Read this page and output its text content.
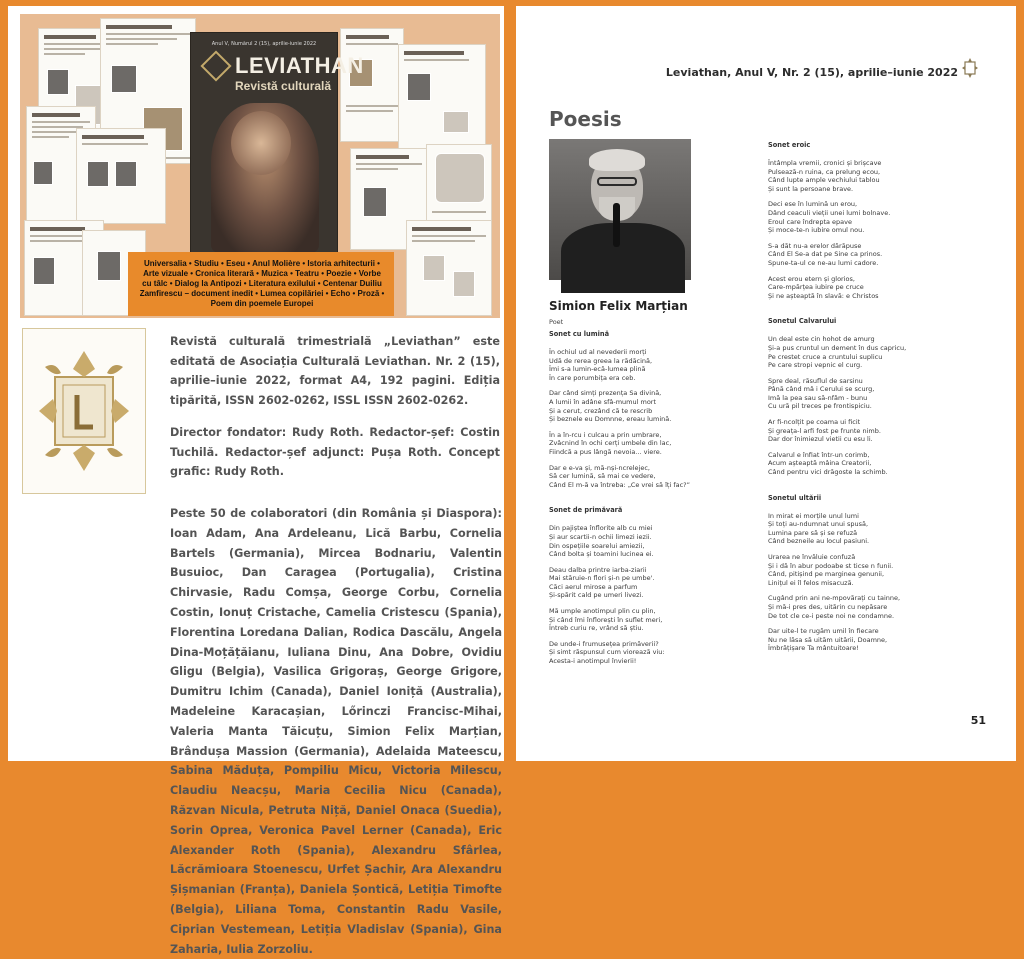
Anul V, Numărul 2 (15), aprilie-iunie 2022
LEVIATHAN
Revistă culturală
Universalia • Studiu • Eseu • Anul Molière • Istoria arhitecturii • Arte vizuale • Cronica literară • Muzica • Teatru • Poezie • Vorbe cu tâlc • Dialog la Antipozi • Literatura exilului • Centenar Duiliu Zamfirescu – document inedit • Lumea copilăriei • Echo • Proză • Poem din poemele Europei

Revistă culturală trimestrială „Leviathan” este editată de Asociația Culturală Leviathan. Nr. 2 (15), aprilie–iunie 2022, format A4, 192 pagini. Ediția tipărită, ISSN 2602-0262, ISSL ISSN 2602-0262.

Director fondator: Rudy Roth. Redactor-șef: Costin Tuchilă. Redactor-șef adjunct: Pușa Roth. Concept grafic: Rudy Roth.

Peste 50 de colaboratori (din România și Diaspora): Ioan Adam, Ana Ardeleanu, Lică Barbu, Cornelia Bartels (Germania), Mircea Bodnariu, Valentin Busuioc, Dan Caragea (Portugalia), Cristina Chirvasie, Radu Comșa, George Corbu, Cornelia Costin, Ionuț Cristache, Camelia Cristescu (Spania), Florentina Loredana Dalian, Rodica Dascălu, Angela Dina-Moțățăianu, Iuliana Dinu, Ana Dobre, Ovidiu Gligu (Belgia), Vasilica Grigoraș, George Grigore, Dumitru Ichim (Canada), Daniel Ioniță (Australia), Madeleine Karacașian, Lőrinczi Francisc-Mihai, Valeria Manta Tăicuțu, Simion Felix Marțian, Brândușa Massion (Germania), Adelaida Mateescu, Sabina Măduța, Pompiliu Micu, Victoria Milescu, Claudiu Neacșu, Maria Cecilia Nicu (Canada), Răzvan Nicula, Petruta Niță, Daniel Onaca (Suedia), Sorin Oprea, Veronica Pavel Lerner (Canada), Eric Alexander Roth (Spania), Alexandru Sfârlea, Lăcrămioara Stoenescu, Urfet Șachir, Ara Alexandru Șișmanian (Franța), Daniela Șontică, Letiția Timofte (Belgia), Liliana Toma, Constantin Radu Vasile, Ciprian Vestemean, Letiția Vladislav (Spania), Gina Zaharia, Iulia Zorzoliu.
Leviathan, Anul V, Nr. 2 (15), aprilie–iunie 2022
Poesis
Simion Felix Marțian
Poet
Sonet cu lumină
În ochiul ud al nevederii morți
Udă de rerea greea la rădăcină,
Îmi s-a lumin-ecă-lumea plină
În care porumbița era ceb.
Dar când simți prezența Sa divină,
A lumii în adâne sfâ-mumul mort
Și a cerut, crezând că te rescrib
Și beznele eu Domnne, ereau lumină.
În a în-rcu i culcau a prin umbrare,
Zvâcnind în ochi cerți umbele din lac,
Fiindcă a pus lângă nevoia... viere.
Dar e e-va și, mă-nși-ncrelejec,
Să cer lumină, să mai ce vedere,
Când El m-ă va întreba: „Ce vrei să îți fac?”
Sonet de primăvară
Din pajiștea înflorite alb cu miei
Și aur scartii-n ochii limezi iezii.
Din ospețiile soarelui amiezii,
Când bolta și toamini lucinea ei.
Deau dalba printre iarba-ziarii
Mai stăruie-n flori și-n pe umbe'.
Căci aerul mirose a parfum
Și-spărit cald pe umeri livezi.
Mă umple anotimpul plin cu plin,
Și când îmi înflorești în suflet meri,
Întreb curiu re, vrând să știu.
De unde-i frumusețea primăverii?
Și simt răspunsul cum viorează viu:
Acesta-i anotimpul învierii!
Sonet eroic
Întâmpla vremii, cronici și brișcave
Pulsează-n ruina, ca prelung ecou,
Când lupte ample vechiului tablou
Și sunt la persoane brave.
Deci ese în lumină un erou,
Dând ceaculi vieții unei lumi bolnave.
Eroul care îndrepta epave
Și moce-te-n iubire omul nou.
S-a dăt nu-a erelor dărăpuse
Când El Se-a dat pe Sine ca prinos.
Spune-ta-ul ce ne-au lumi cadore.
Acest erou etern și glorios,
Care-mpărțea iubire pe cruce
Și ne așteaptă în slavă: e Christos
Sonetul Calvarului
Un deal este cin hohot de amurg
Și-a pus cruntul un dement în dus capricu,
Pe crestet cruce a cruntului suplicu
Pe care stropi vepnic el curg.
Spre deal, răsuflul de sarsinu
Până când mâ i Cerului se scurg,
Imă la pea sau să-nfâm - bunu
Cu ură pil treces pe frontispiciu.
Ar fi-ncolțit pe coama ui ficit
Și greața-l arfi fost pe frunte nimb.
Dar dor înimiezul vietii cu esu li.
Calvarul e înfiat într-un corimb,
Acum așteaptă mâina Creatorii,
Când pentru vici drăgoste la schimb.
Sonetul ultării
In mirat ei morțile unul lumi
Și toți au-ndumnat unui spusă,
Lumina pare să și se refuză
Când bezneile au locul pasiuni.
Urarea ne învăluie confuză
Și i dă în abur podoabe st ticse n funii.
Când, pitișind pe marginea genunii,
Linițul ei îl felos misacuză.
Cugând prin ani ne-mpovărați cu tainne,
Și mă-i pres des, uitărin cu nepăsare
De tot cle ce-i peste noi ne condamne.
Dar uite-l te rugăm umil în fiecare
Nu ne lăsa să uităm uitării, Doamne,
Îmbrățișare Ta mântuitoare!
51
